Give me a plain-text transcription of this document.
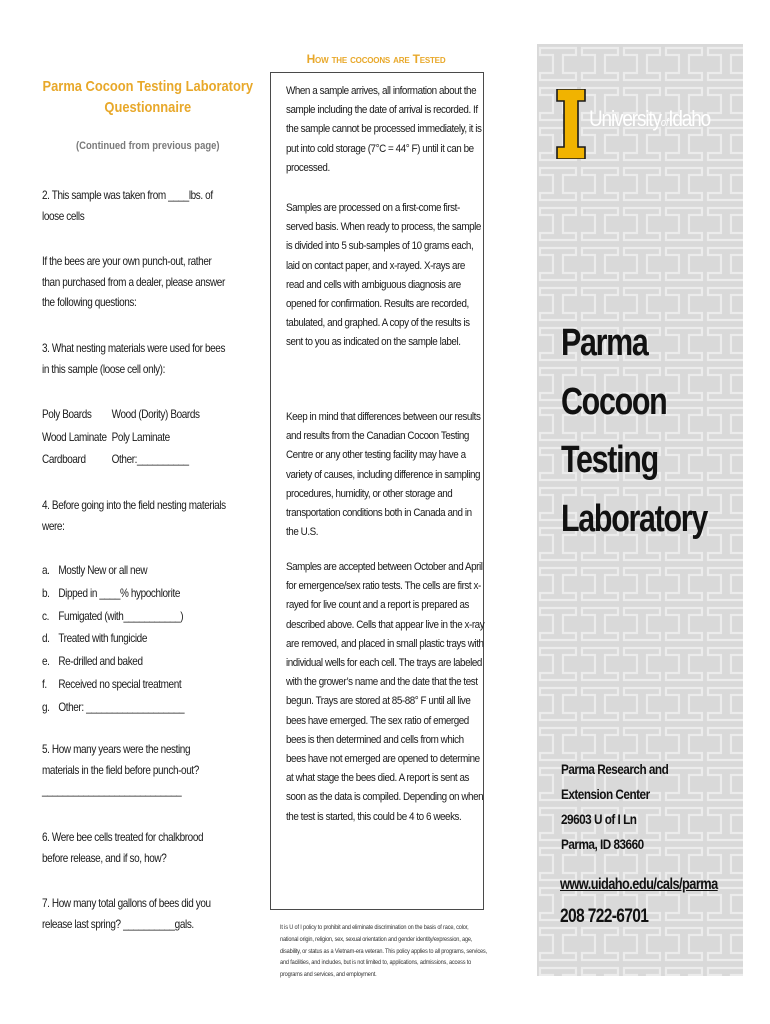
Parma Cocoon Testing Laboratory Questionnaire

(Continued from previous page)

2. This sample was taken from ____lbs. of loose cells

If the bees are your own punch-out, rather than purchased from a dealer, please answer the following questions:

3. What nesting materials were used for bees in this sample (loose cell only):

Poly Boards	Wood (Dority) Boards
Wood Laminate Poly Laminate
Cardboard	Other:__________

4. Before going into the field nesting materials were:

a. Mostly New or all new
b. Dipped in ____% hypochlorite
c. Fumigated (with___________)
d. Treated with fungicide
e. Re-drilled and baked
f. Received no special treatment
g. Other: ___________________

5. How many years were the nesting materials in the field before punch-out? ___________________________

6. Were bee cells treated for chalkbrood before release, and if so, how?

7. How many total gallons of bees did you release last spring? __________gals.

How the cocoons are Tested
When a sample arrives, all information about the sample including the date of arrival is recorded. If the sample cannot be processed immediately, it is put into cold storage (7°C = 44° F) until it can be processed.
Samples are processed on a first-come first-served basis. When ready to process, the sample is divided into 5 sub-samples of 10 grams each, laid on contact paper, and x-rayed. X-rays are read and cells with ambiguous diagnosis are opened for confirmation. Results are recorded, tabulated, and graphed. A copy of the results is sent to you as indicated on the sample label.
Keep in mind that differences between our results and results from the Canadian Cocoon Testing Centre or any other testing facility may have a variety of causes, including difference in sampling procedures, humidity, or other storage and transportation conditions both in Canada and in the U.S.
Samples are accepted between October and April for emergence/sex ratio tests. The cells are first x-rayed for live count and a report is prepared as described above. Cells that appear live in the x-ray are removed, and placed in small plastic trays with individual wells for each cell. The trays are labeled with the grower’s name and the date that the test begun. Trays are stored at 85-88° F until all live bees have emerged. The sex ratio of emerged bees is then determined and cells from which bees have not emerged are opened to determine at what stage the bees died. A report is sent as soon as the data is compiled. Depending on when the test is started, this could be 4 to 6 weeks.
It is U of I policy to prohibit and eliminate discrimination on the basis of race, color, national origin, religion, sex, sexual orientation and gender identity/expression, age, disability, or status as a Vietnam-era veteran. This policy applies to all programs, services, and facilities, and includes, but is not limited to, applications, admissions, access to programs and services, and employment.
UniversityofIdaho
Parma
Cocoon
Testing
Laboratory
Parma Research and
Extension Center
29603 U of I Ln
Parma, ID 83660
www.uidaho.edu/cals/parma
208 722-6701
